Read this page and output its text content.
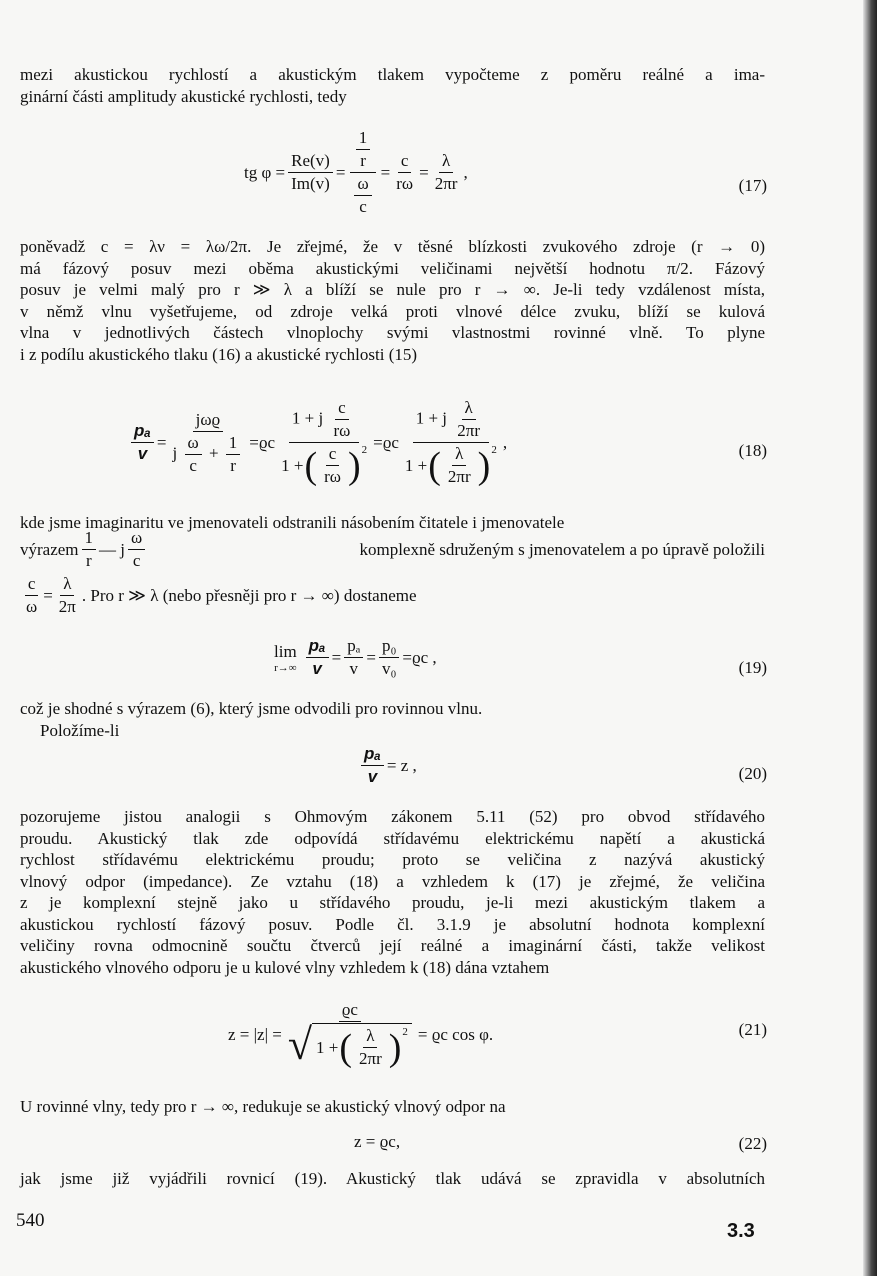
mezi akustickou rychlostí a akustickým tlakem vypočteme z poměru reálné a ima-
ginární části amplitudy akustické rychlosti, tedy
tg $\varphi = \frac{Re(v)}{Im(v)} = \frac{\frac{1}{r}}{\frac{\omega}{c}} = \frac{c}{r\omega} = \frac{\lambda}{2\pi r}$ ,
(17)
poněvadž c = λν = λω/2π. Je zřejmé, že v těsné blízkosti zvukového zdroje (r → 0)
má fázový posuv mezi oběma akustickými veličinami největší hodnotu π/2. Fázový
posuv je velmi malý pro r ≫ λ a blíží se nule pro r → ∞. Je-li tedy vzdálenost místa,
v němž vlnu vyšetřujeme, od zdroje velká proti vlnové délce zvuku, blíží se kulová
vlna v jednotlivých částech vlnoplochy svými vlastnostmi rovinné vlně. To plyne
i z podílu akustického tlaku (16) a akustické rychlosti (15)
$\frac{\text{pₐ}}{v}$ =
jωϱ
j $\frac{\omega}{c} + \frac{1}{r} = ϱc$
1 + j $\frac{c}{r\omega}$
1 + ( $\frac{c}{r\omega} )^2 = ϱc$
1 + j $\frac{\lambda}{2\pi r}$
1 + ( $\frac{\lambda}{2\pi r} )^2$ ,	(18)
kde jsme imaginaritu ve jmenovateli odstranili násobením čitatele i jmenovatele
výrazem $\frac{1}{r}$ — j $\frac{\omega}{c}$	komplexně sdruženým s jmenovatelem a po úpravě položili
$\frac{c}{\omega} = \frac{\lambda}{2\pi}$ . Pro r ≫ λ (nebo přesněji pro r → ∞) dostaneme
lim
$r\to\infty \frac{\text{pₐ}}{v} = \frac{\text{pₐ}}{v} = \frac{\text{p₀}}{\text{v₀}} = ϱc$ ,
(19)
což je shodné s výrazem (6), který jsme odvodili pro rovinnou vlnu.
Položíme-li
$\frac{\text{pₐ}}{v} = z$ ,	(20)
pozorujeme jistou analogii s Ohmovým zákonem 5.11 (52) pro obvod střídavého
proudu. Akustický tlak zde odpovídá střídavému elektrickému napětí a akustická
rychlost střídavému elektrickému proudu; proto se veličina z nazývá akustický
vlnový odpor (impedance). Ze vztahu (18) a vzhledem k (17) je zřejmé, že veličina
z je komplexní stejně jako u střídavého proudu, je-li mezi akustickým tlakem a
akustickou rychlostí fázový posuv. Podle čl. 3.1.9 je absolutní hodnota komplexní
veličiny rovna odmocnině součtu čtverců její reálné a imaginární části, takže velikost
akustického vlnového odporu je u kulové vlny vzhledem k (18) dána vztahem
z = |z| =
ϱc
√ 1 + ( $\frac{\lambda}{2\pi r} )^2 = ϱc$ cos φ.	(21)
U rovinné vlny, tedy pro r → ∞, redukuje se akustický vlnový odpor na
z = ϱc,	(22)
jak jsme již vyjádřili rovnicí (19). Akustický tlak udává se zpravidla v absolutních
540	3.3
